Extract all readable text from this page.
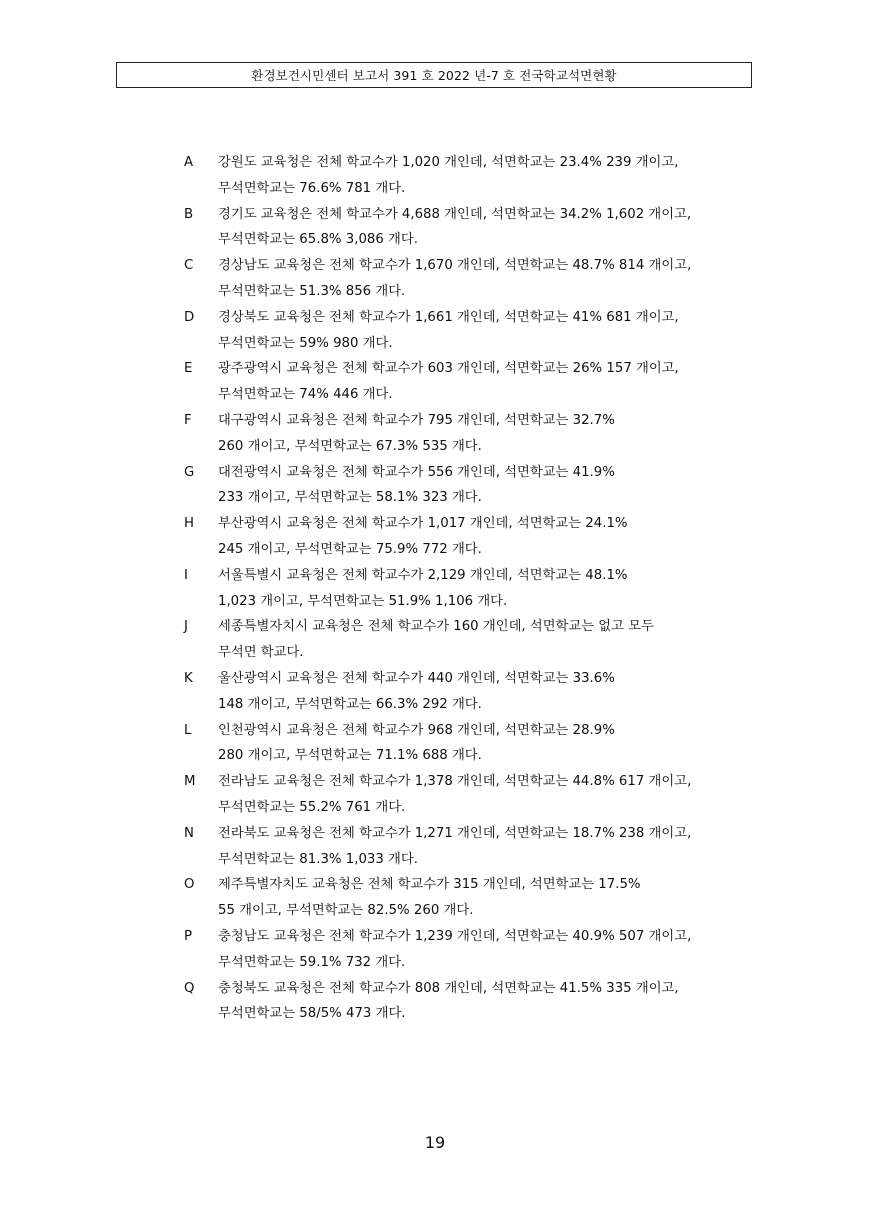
환경보건시민센터 보고서 391 호 2022 년-7 호 전국학교석면현황
A	강원도 교육청은 전체 학교수가 1,020 개인데, 석면학교는 23.4% 239 개이고,
무석면학교는 76.6% 781 개다.
B	경기도 교육청은 전체 학교수가 4,688 개인데, 석면학교는 34.2% 1,602 개이고,
무석면학교는 65.8% 3,086 개다.
C	경상남도 교육청은 전체 학교수가 1,670 개인데, 석면학교는 48.7% 814 개이고,
무석면학교는 51.3% 856 개다.
D	경상북도 교육청은 전체 학교수가 1,661 개인데, 석면학교는 41% 681 개이고,
무석면학교는 59% 980 개다.
E	광주광역시 교육청은 전체 학교수가 603 개인데, 석면학교는 26% 157 개이고,
무석면학교는 74% 446 개다.
F	대구광역시 교육청은 전체 학교수가 795 개인데, 석면학교는 32.7%
260 개이고, 무석면학교는 67.3% 535 개다.
G	대전광역시 교육청은 전체 학교수가 556 개인데, 석면학교는 41.9%
233 개이고, 무석면학교는 58.1% 323 개다.
H	부산광역시 교육청은 전체 학교수가 1,017 개인데, 석면학교는 24.1%
245 개이고, 무석면학교는 75.9% 772 개다.
I	서울특별시 교육청은 전체 학교수가 2,129 개인데, 석면학교는 48.1%
1,023 개이고, 무석면학교는 51.9% 1,106 개다.
J	세종특별자치시 교육청은 전체 학교수가 160 개인데, 석면학교는 없고 모두
무석면 학교다.
K	울산광역시 교육청은 전체 학교수가 440 개인데, 석면학교는 33.6%
148 개이고, 무석면학교는 66.3% 292 개다.
L	인천광역시 교육청은 전체 학교수가 968 개인데, 석면학교는 28.9%
280 개이고, 무석면학교는 71.1% 688 개다.
M	전라남도 교육청은 전체 학교수가 1,378 개인데, 석면학교는 44.8% 617 개이고,
무석면학교는 55.2% 761 개다.
N	전라북도 교육청은 전체 학교수가 1,271 개인데, 석면학교는 18.7% 238 개이고,
무석면학교는 81.3% 1,033 개다.
O	제주특별자치도 교육청은 전체 학교수가 315 개인데, 석면학교는 17.5%
55 개이고, 무석면학교는 82.5% 260 개다.
P	충청남도 교육청은 전체 학교수가 1,239 개인데, 석면학교는 40.9% 507 개이고,
무석면학교는 59.1% 732 개다.
Q	충청북도 교육청은 전체 학교수가 808 개인데, 석면학교는 41.5% 335 개이고,
무석면학교는 58/5% 473 개다.
19
